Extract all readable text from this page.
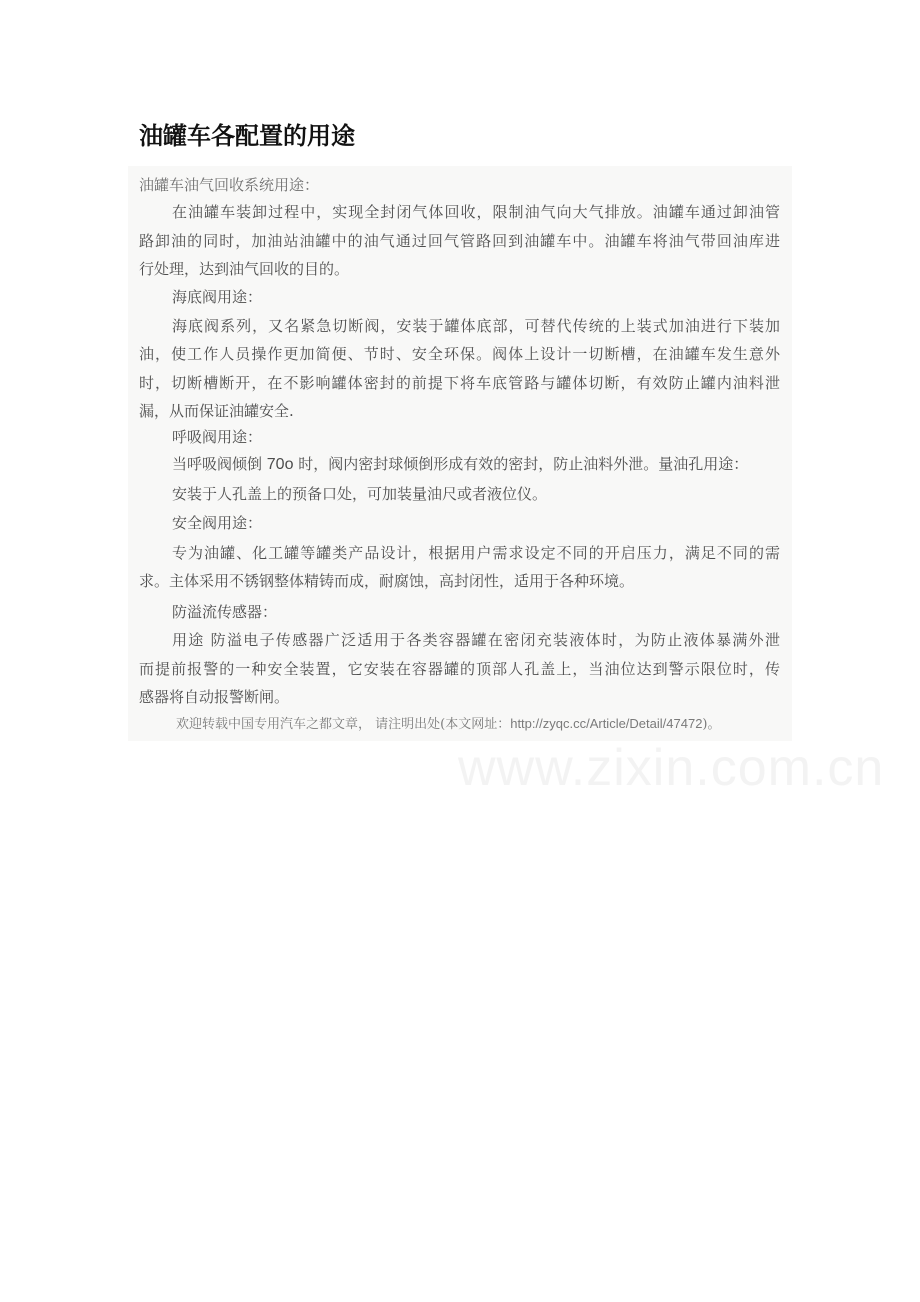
油罐车各配置的用途
油罐车油气回收系统用途：
在油罐车装卸过程中，实现全封闭气体回收，限制油气向大气排放。油罐车通过卸油管
路卸油的同时，加油站油罐中的油气通过回气管路回到油罐车中。油罐车将油气带回油库进
行处理，达到油气回收的目的。
海底阀用途：
海底阀系列，又名紧急切断阀，安装于罐体底部，可替代传统的上装式加油进行下装加
油，使工作人员操作更加简便、节时、安全环保。阀体上设计一切断槽，在油罐车发生意外
时，切断槽断开，在不影响罐体密封的前提下将车底管路与罐体切断，有效防止罐内油料泄
漏，从而保证油罐安全.
呼吸阀用途：
当呼吸阀倾倒 70o 时，阀内密封球倾倒形成有效的密封，防止油料外泄。量油孔用途：
安装于人孔盖上的预备口处，可加装量油尺或者液位仪。
安全阀用途：
专为油罐、化工罐等罐类产品设计，根据用户需求设定不同的开启压力，满足不同的需
求。主体采用不锈钢整体精铸而成，耐腐蚀，高封闭性，适用于各种环境。
防溢流传感器：
用途 防溢电子传感器广泛适用于各类容器罐在密闭充装液体时，为防止液体暴满外泄
而提前报警的一种安全装置，它安装在容器罐的顶部人孔盖上，当油位达到警示限位时，传
感器将自动报警断闸。
欢迎转载中国专用汽车之都文章， 请注明出处(本文网址：http://zyqc.cc/Article/Detail/47472)。
www.zixin.com.cn
